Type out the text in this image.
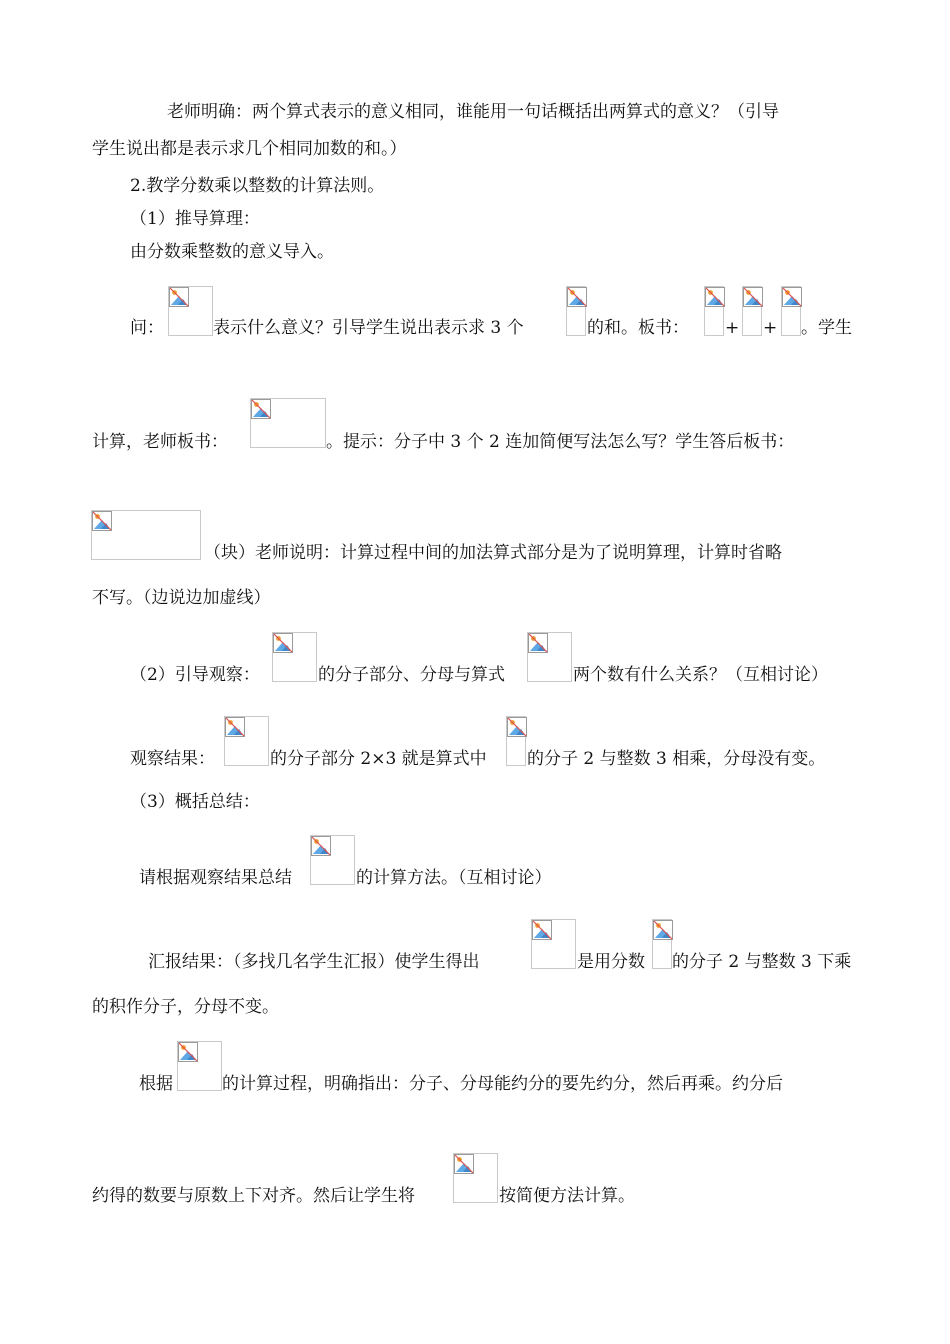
老师明确：两个算式表示的意义相同，谁能用一句话概括出两算式的意义？（引导
学生说出都是表示求几个相同加数的和。）
2.教学分数乘以整数的计算法则。
（1）推导算理：
由分数乘整数的意义导入。
问：	表示什么意义？引导学生说出表示求 3 个	的和。板书： + + 。学生
计算，老师板书：	。提示：分子中 3 个 2 连加简便写法怎么写？学生答后板书：
（块）老师说明：计算过程中间的加法算式部分是为了说明算理，计算时省略
不写。（边说边加虚线）
（2）引导观察：	的分子部分、分母与算式	两个数有什么关系？（互相讨论）
观察结果：	的分子部分 2×3 就是算式中 的分子 2 与整数 3 相乘，分母没有变。
（3）概括总结：
请根据观察结果总结	的计算方法。（互相讨论）
汇报结果：（多找几名学生汇报）使学生得出	是用分数 的分子 2 与整数 3 下乘
的积作分子，分母不变。
根据	的计算过程，明确指出：分子、分母能约分的要先约分，然后再乘。约分后
约得的数要与原数上下对齐。然后让学生将	按简便方法计算。
